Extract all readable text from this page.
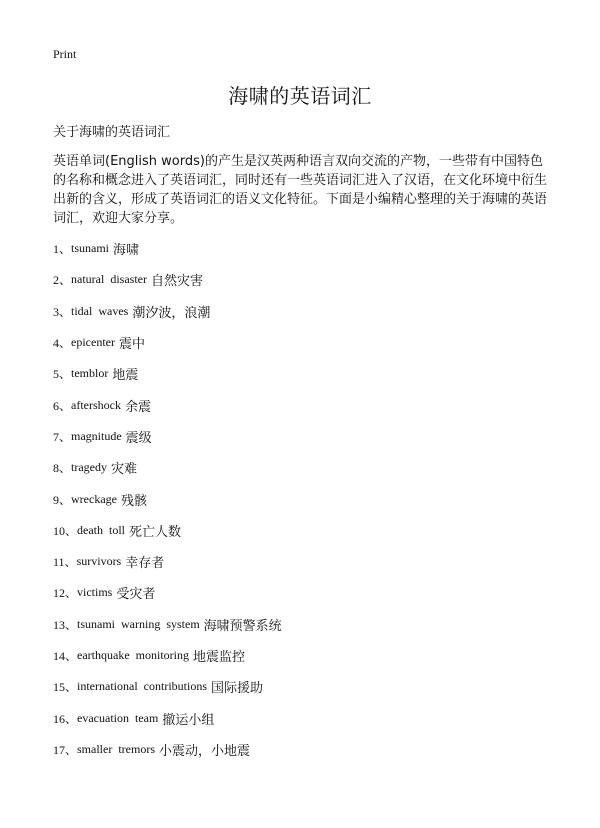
Print
海啸的英语词汇
关于海啸的英语词汇

英语单词(English words)的产生是汉英两种语言双向交流的产物，一些带有中国特色的名称和概念进入了英语词汇，同时还有一些英语词汇进入了汉语，在文化环境中衍生出新的含义，形成了英语词汇的语义文化特征。下面是小编精心整理的关于海啸的英语词汇，欢迎大家分享。

1、 tsunami 海啸
2、 natural disaster 自然灾害
3、 tidal waves 潮汐波，浪潮
4、 epicenter 震中
5、 temblor 地震
6、 aftershock 余震
7、 magnitude 震级
8、 tragedy 灾难
9、 wreckage 残骸
10、 death toll 死亡人数
11、 survivors 幸存者
12、 victims 受灾者
13、 tsunami warning system 海啸预警系统
14、 earthquake monitoring 地震监控
15、 international contributions 国际援助
16、 evacuation team 撤运小组
17、 smaller tremors 小震动，小地震
